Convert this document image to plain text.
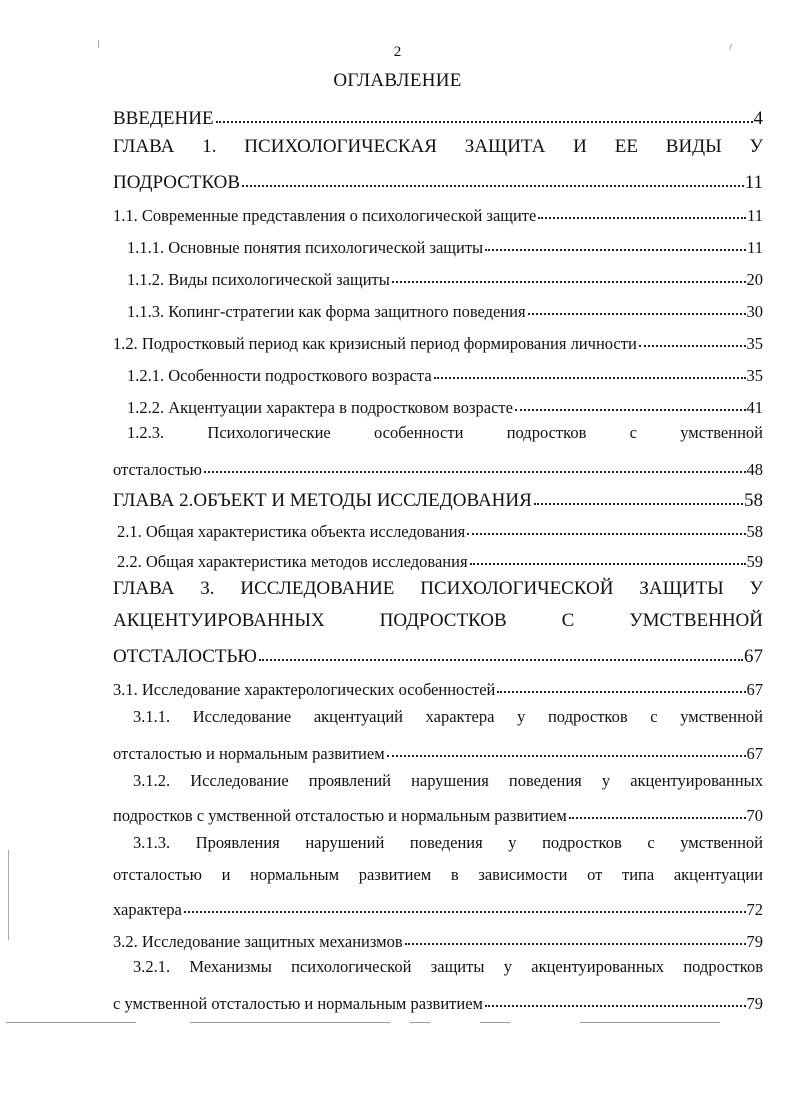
2
ОГЛАВЛЕНИЕ
ВВЕДЕНИЕ	4
ГЛАВА 1. ПСИХОЛОГИЧЕСКАЯ ЗАЩИТА И ЕЕ ВИДЫ У
ПОДРОСТКОВ	11
1.1. Современные представления о психологической защите	11
1.1.1. Основные понятия психологической защиты	11
1.1.2. Виды психологической защиты	20
1.1.3. Копинг-стратегии как форма защитного поведения	30
1.2. Подростковый период как кризисный период формирования личности	35
1.2.1. Особенности подросткового возраста	35
1.2.2. Акцентуации характера в подростковом возрасте	41
1.2.3. Психологические особенности подростков с умственной
отсталостью	48
ГЛАВА 2.ОБЪЕКТ И МЕТОДЫ ИССЛЕДОВАНИЯ	58
2.1. Общая характеристика объекта исследования	58
2.2. Общая характеристика методов исследования	59
ГЛАВА 3. ИССЛЕДОВАНИЕ ПСИХОЛОГИЧЕСКОЙ ЗАЩИТЫ У
АКЦЕНТУИРОВАННЫХ ПОДРОСТКОВ С УМСТВЕННОЙ
ОТСТАЛОСТЬЮ	67
3.1. Исследование характерологических особенностей	67
3.1.1. Исследование акцентуаций характера у подростков с умственной
отсталостью и нормальным развитием	67
3.1.2. Исследование проявлений нарушения поведения у акцентуированных
подростков с умственной отсталостью и нормальным развитием	70
3.1.3. Проявления нарушений поведения у подростков с умственной
отсталостью и нормальным развитием в зависимости от типа акцентуации
характера	72
3.2. Исследование защитных механизмов	79
3.2.1. Механизмы психологической защиты у акцентуированных подростков
с умственной отсталостью и нормальным развитием	79
